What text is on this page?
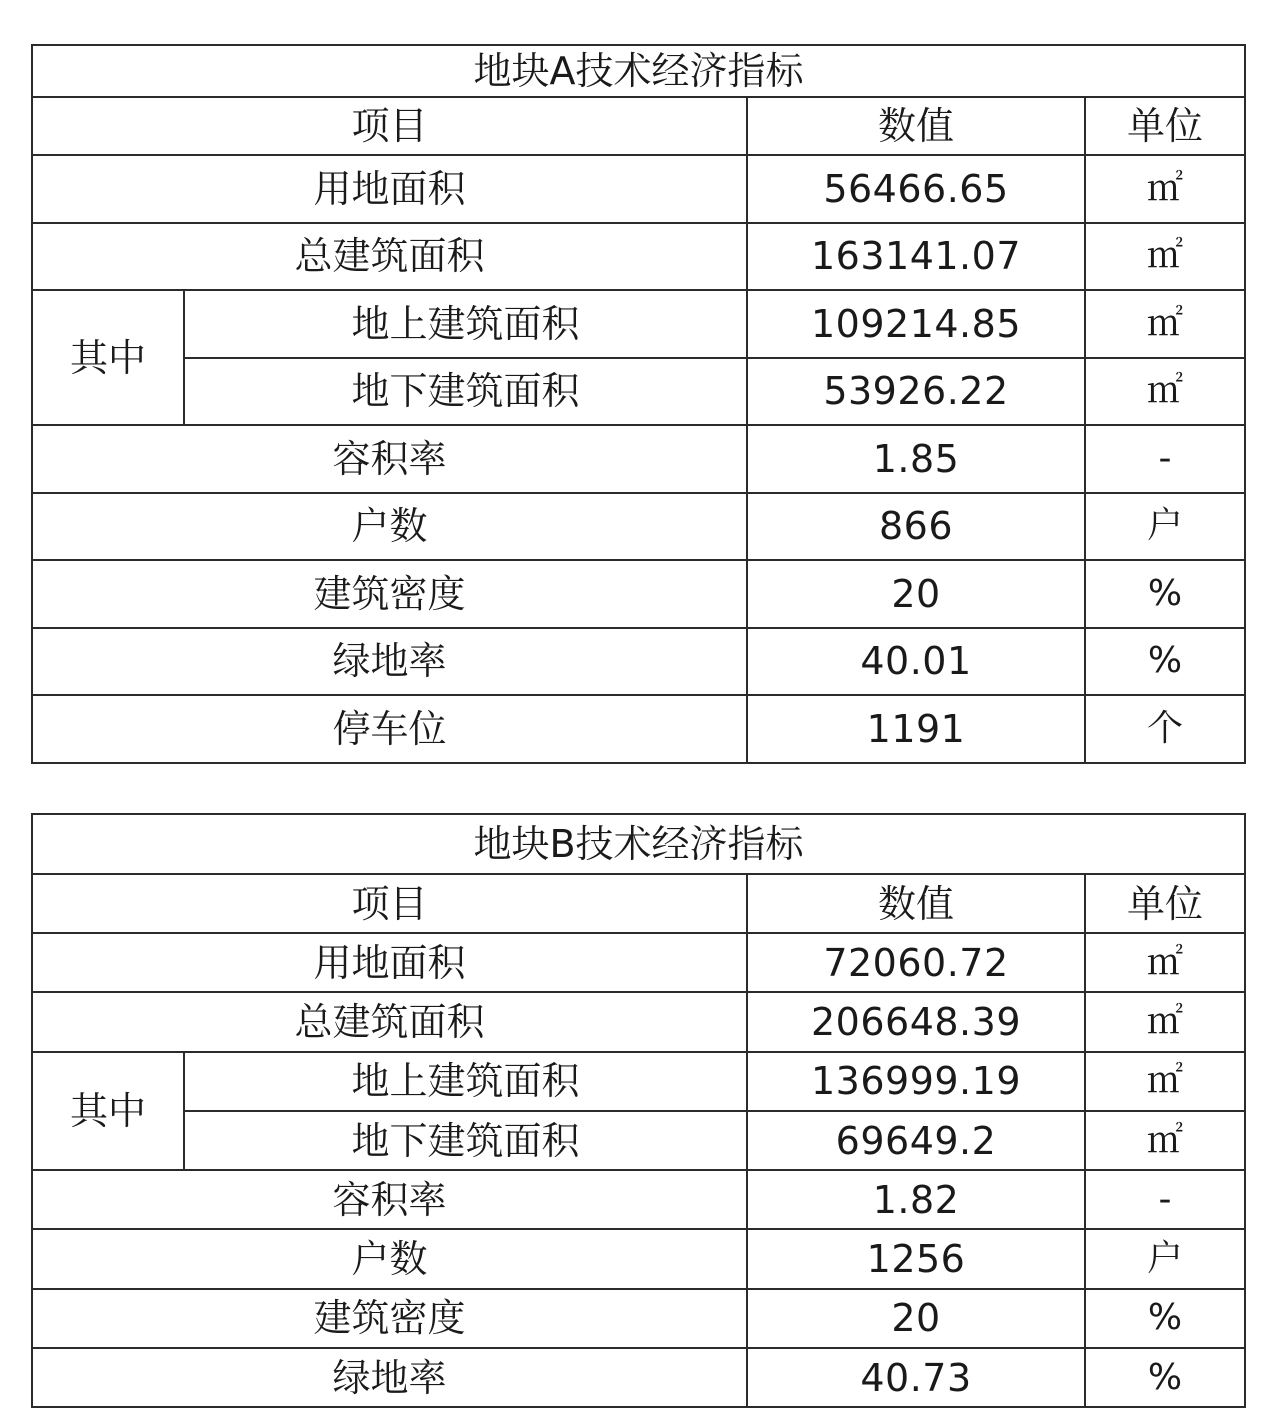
地块A技术经济指标			
项目		数值	单位
用地面积		56466.65	㎡
总建筑面积		163141.07	㎡
其中	地上建筑面积	109214.85	㎡
	地下建筑面积	53926.22	㎡
容积率		1.85	-
户数		866	户
建筑密度		20	%
绿地率		40.01	%
停车位		1191	个
地块B技术经济指标			
项目		数值	单位
用地面积		72060.72	㎡
总建筑面积		206648.39	㎡
其中	地上建筑面积	136999.19	㎡
	地下建筑面积	69649.2	㎡
容积率		1.82	-
户数		1256	户
建筑密度		20	%
绿地率		40.73	%
